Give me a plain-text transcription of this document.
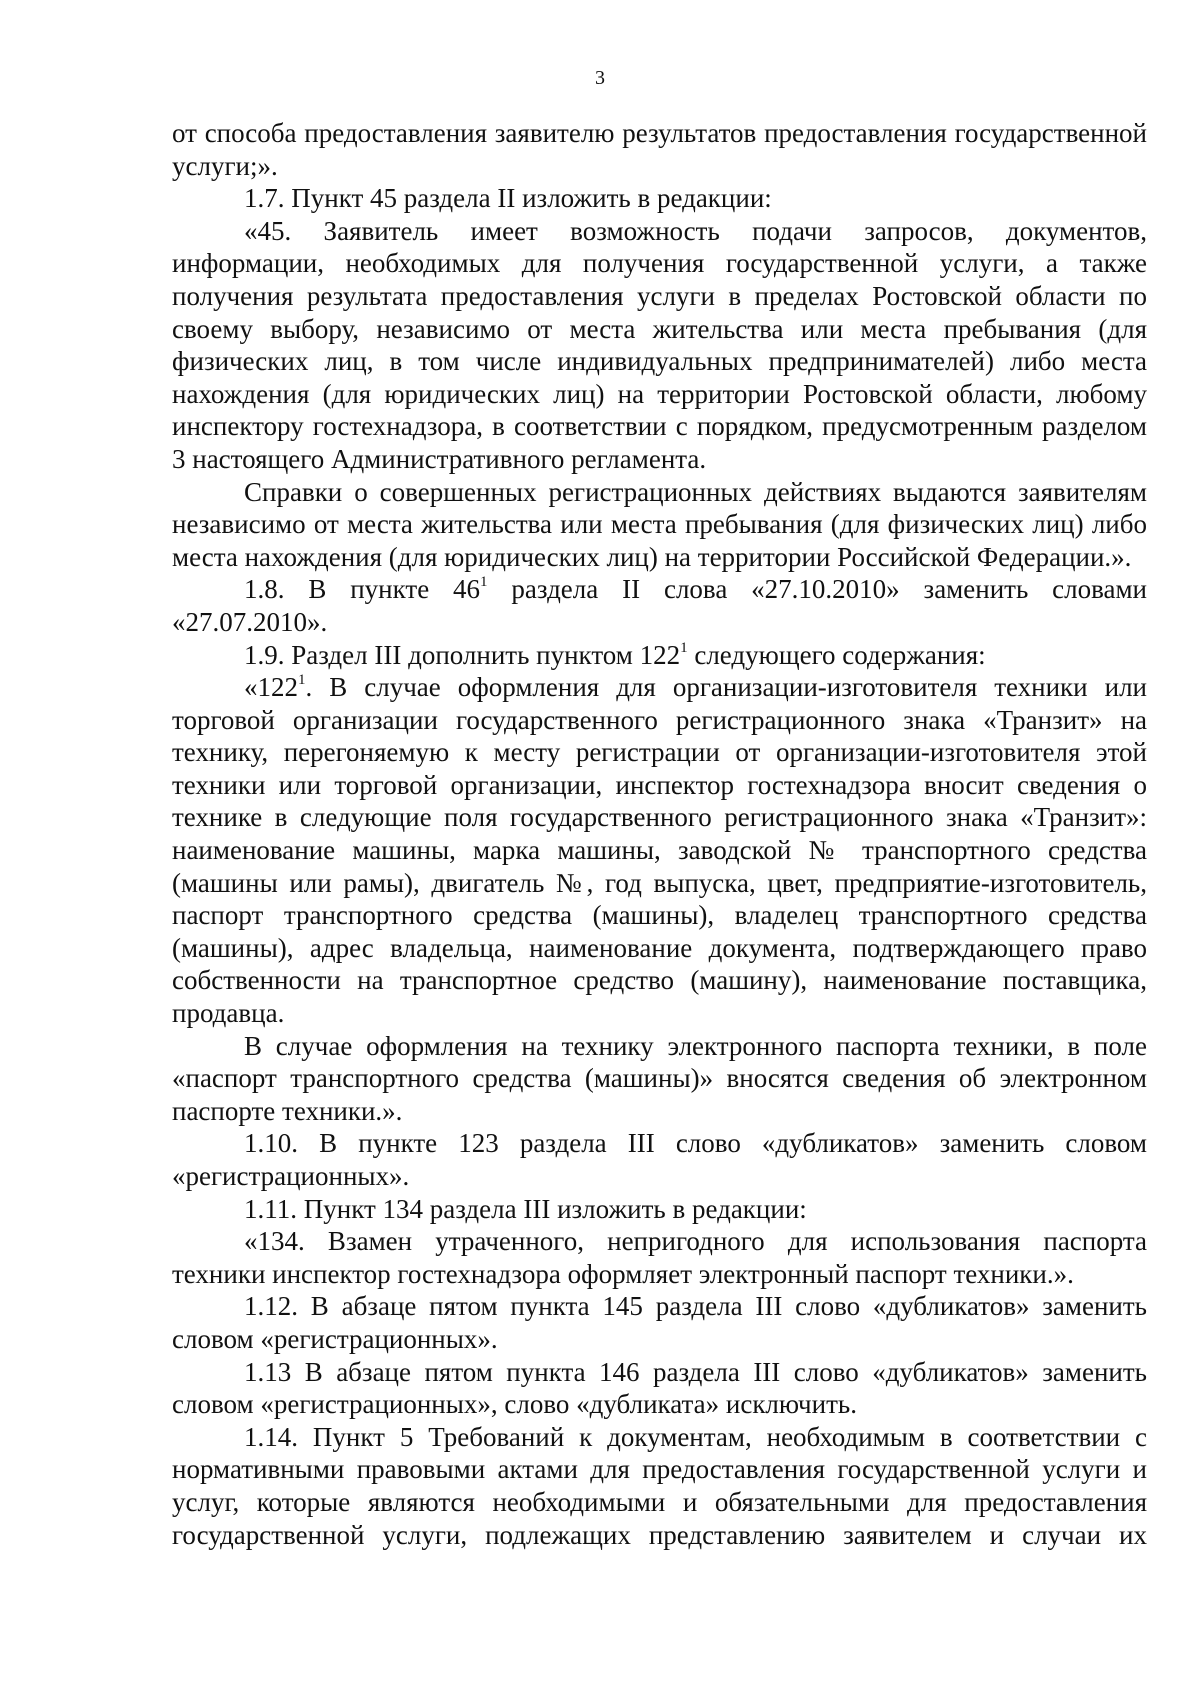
3

от способа предоставления заявителю результатов предоставления государственной услуги;».

1.7. Пункт 45 раздела II изложить в редакции:

«45. Заявитель имеет возможность подачи запросов, документов, информации, необходимых для получения государственной услуги, а также получения результата предоставления услуги в пределах Ростовской области по своему выбору, независимо от места жительства или места пребывания (для физических лиц, в том числе индивидуальных предпринимателей) либо места нахождения (для юридических лиц) на территории Ростовской области, любому инспектору гостехнадзора, в соответствии с порядком, предусмотренным разделом 3 настоящего Административного регламента.

Справки о совершенных регистрационных действиях выдаются заявителям независимо от места жительства или места пребывания (для физических лиц) либо места нахождения (для юридических лиц) на территории Российской Федерации.».

1.8. В пункте $46^1$ раздела II слова «27.10.2010» заменить словами «27.07.2010».

1.9. Раздел III дополнить пунктом $122^1$ следующего содержания:

«$122^1$. В случае оформления для организации-изготовителя техники или торговой организации государственного регистрационного знака «Транзит» на технику, перегоняемую к месту регистрации от организации-изготовителя этой техники или торговой организации, инспектор гостехнадзора вносит сведения о технике в следующие поля государственного регистрационного знака «Транзит»: наименование машины, марка машины, заводской № транспортного средства (машины или рамы), двигатель №, год выпуска, цвет, предприятие-изготовитель, паспорт транспортного средства (машины), владелец транспортного средства (машины), адрес владельца, наименование документа, подтверждающего право собственности на транспортное средство (машину), наименование поставщика, продавца.

В случае оформления на технику электронного паспорта техники, в поле «паспорт транспортного средства (машины)» вносятся сведения об электронном паспорте техники.».

1.10. В пункте 123 раздела III слово «дубликатов» заменить словом «регистрационных».

1.11. Пункт 134 раздела III изложить в редакции:

«134. Взамен утраченного, непригодного для использования паспорта техники инспектор гостехнадзора оформляет электронный паспорт техники.».

1.12. В абзаце пятом пункта 145 раздела III слово «дубликатов» заменить словом «регистрационных».

1.13 В абзаце пятом пункта 146 раздела III слово «дубликатов» заменить словом «регистрационных», слово «дубликата» исключить.

1.14. Пункт 5 Требований к документам, необходимым в соответствии с нормативными правовыми актами для предоставления государственной услуги и услуг, которые являются необходимыми и обязательными для предоставления государственной услуги, подлежащих представлению заявителем и случаи их
